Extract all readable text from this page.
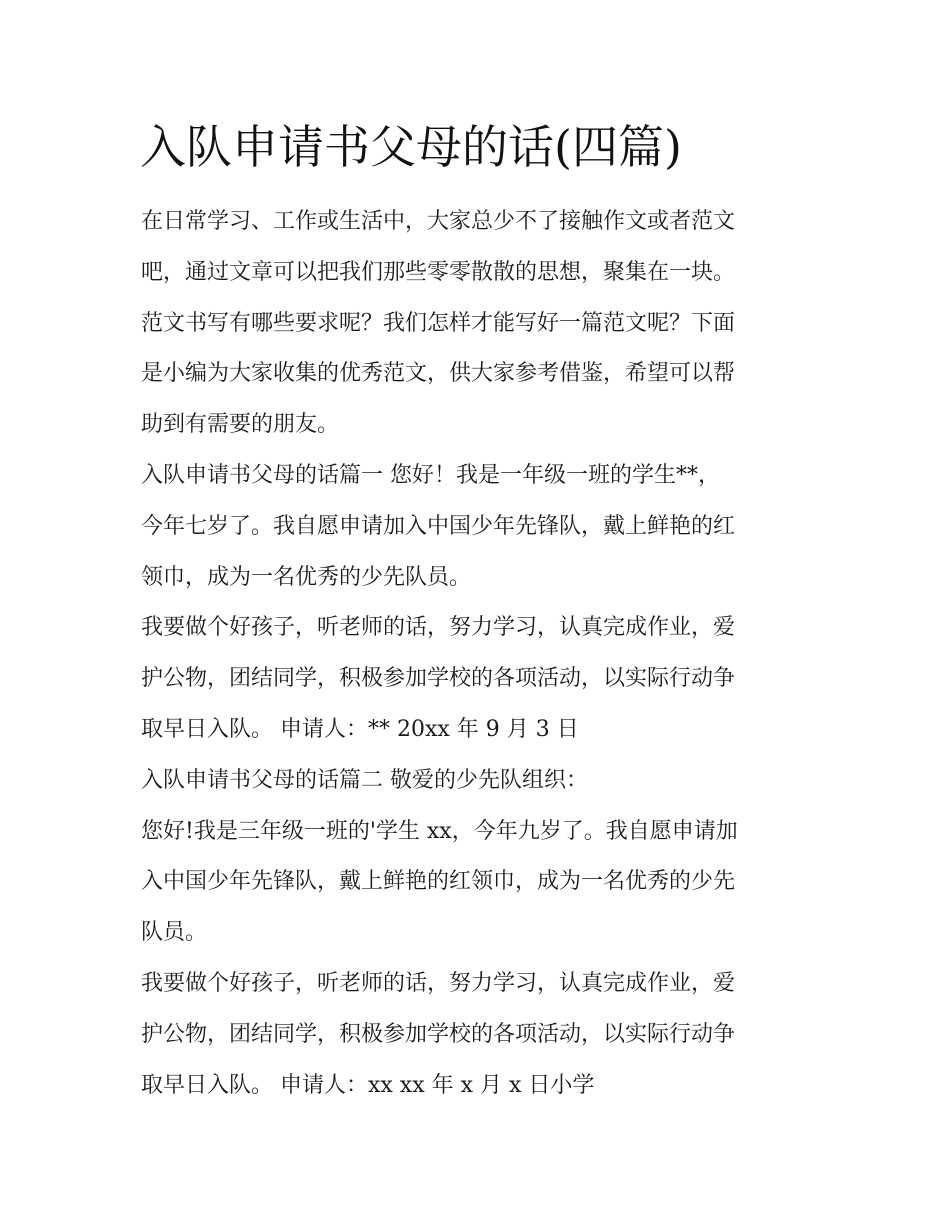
入队申请书父母的话(四篇)
在日常学习、工作或生活中，大家总少不了接触作文或者范文
吧，通过文章可以把我们那些零零散散的思想，聚集在一块。
范文书写有哪些要求呢？我们怎样才能写好一篇范文呢？下面
是小编为大家收集的优秀范文，供大家参考借鉴，希望可以帮
助到有需要的朋友。
入队申请书父母的话篇一 您好！我是一年级一班的学生**，
今年七岁了。我自愿申请加入中国少年先锋队，戴上鲜艳的红
领巾，成为一名优秀的少先队员。
我要做个好孩子，听老师的话，努力学习，认真完成作业，爱
护公物，团结同学，积极参加学校的各项活动，以实际行动争
取早日入队。 申请人：** 20xx 年 9 月 3 日
入队申请书父母的话篇二 敬爱的少先队组织：
您好!我是三年级一班的'学生 xx，今年九岁了。我自愿申请加
入中国少年先锋队，戴上鲜艳的红领巾，成为一名优秀的少先
队员。
我要做个好孩子，听老师的话，努力学习，认真完成作业，爱
护公物，团结同学，积极参加学校的各项活动，以实际行动争
取早日入队。 申请人：xx xx 年 x 月 x 日小学
